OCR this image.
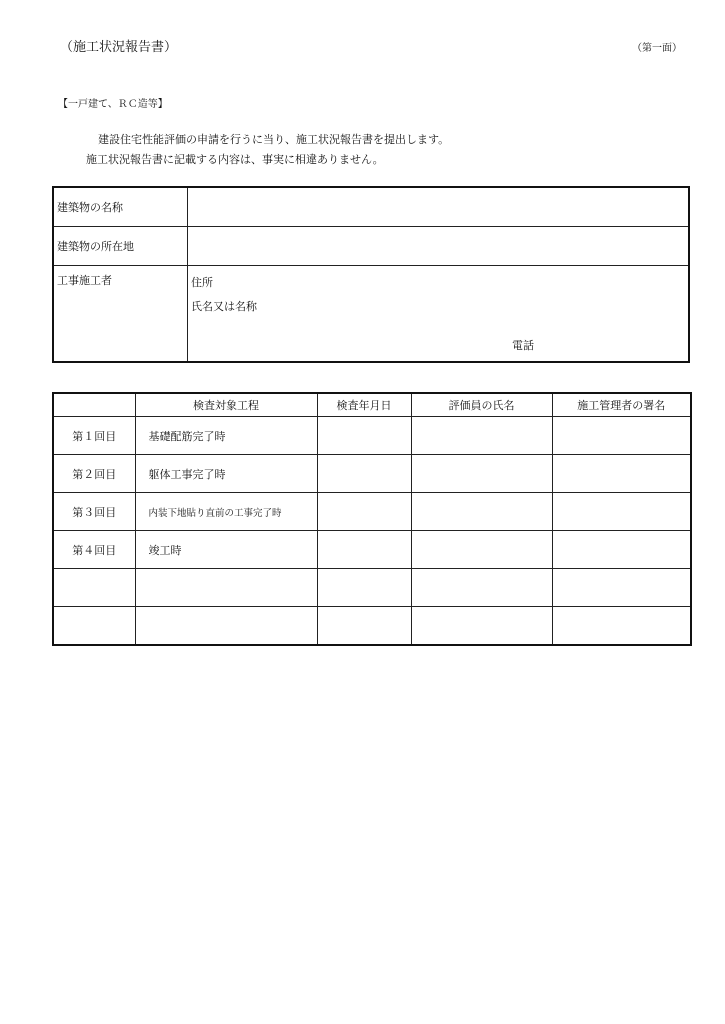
（施工状況報告書）	（第一面）
【一戸建て、ＲＣ造等】
建設住宅性能評価の申請を行うに当り、施工状況報告書を提出します。
施工状況報告書に記載する内容は、事実に相違ありません。
建築物の名称	
建築物の所在地	
工事施工者	住所
氏名又は名称
電話
	検査対象工程	検査年月日	評価員の氏名	施工管理者の署名
第１回目	基礎配筋完了時			
第２回目	躯体工事完了時			
第３回目	内装下地貼り直前の工事完了時			
第４回目	竣工時			
